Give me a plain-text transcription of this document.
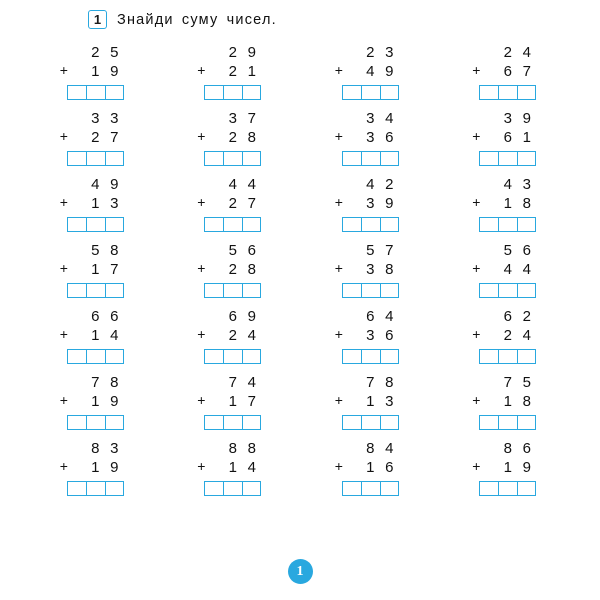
1	Знайди суму чисел.
2 5
1 9
+
2 9
2 1
+
2 3
4 9
+
2 4
6 7
+
3 3
2 7
+
3 7
2 8
+
3 4
3 6
+
3 9
6 1
+
4 9
1 3
+
4 4
2 7
+
4 2
3 9
+
4 3
1 8
+
5 8
1 7
+
5 6
2 8
+
5 7
3 8
+
5 6
4 4
+
6 6
1 4
+
6 9
2 4
+
6 4
3 6
+
6 2
2 4
+
7 8
1 9
+
7 4
1 7
+
7 8
1 3
+
7 5
1 8
+
8 3
1 9
+
8 8
1 4
+
8 4
1 6
+
8 6
1 9
+
1
